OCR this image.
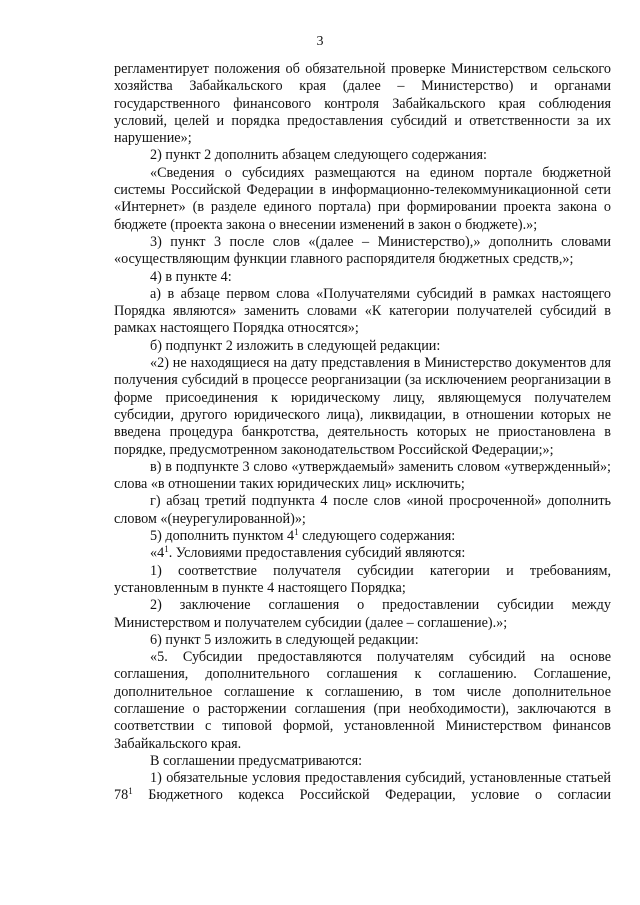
3

регламентирует положения об обязательной проверке Министерством сельского хозяйства Забайкальского края (далее – Министерство) и органами государственного финансового контроля Забайкальского края соблюдения условий, целей и порядка предоставления субсидий и ответственности за их нарушение»;

2) пункт 2 дополнить абзацем следующего содержания:

«Сведения о субсидиях размещаются на едином портале бюджетной системы Российской Федерации в информационно-телекоммуникационной сети «Интернет» (в разделе единого портала) при формировании проекта закона о бюджете (проекта закона о внесении изменений в закон о бюджете).»;

3) пункт 3 после слов «(далее – Министерство),» дополнить словами «осуществляющим функции главного распорядителя бюджетных средств,»;

4) в пункте 4:

а) в абзаце первом слова «Получателями субсидий в рамках настоящего Порядка являются» заменить словами «К категории получателей субсидий в рамках настоящего Порядка относятся»;

б) подпункт 2 изложить в следующей редакции:

«2) не находящиеся на дату представления в Министерство документов для получения субсидий в процессе реорганизации (за исключением реорганизации в форме присоединения к юридическому лицу, являющемуся получателем субсидии, другого юридического лица), ликвидации, в отношении которых не введена процедура банкротства, деятельность которых не приостановлена в порядке, предусмотренном законодательством Российской Федерации;»;

в) в подпункте 3 слово «утверждаемый» заменить словом «утвержденный»; слова «в отношении таких юридических лиц» исключить;

г) абзац третий подпункта 4 после слов «иной просроченной» дополнить словом «(неурегулированной)»;

5) дополнить пунктом $4^1$ следующего содержания:

«$4^1$. Условиями предоставления субсидий являются:

1) соответствие получателя субсидии категории и требованиям, установленным в пункте 4 настоящего Порядка;

2) заключение соглашения о предоставлении субсидии между Министерством и получателем субсидии (далее – соглашение).»;

6) пункт 5 изложить в следующей редакции:

«5. Субсидии предоставляются получателям субсидий на основе соглашения, дополнительного соглашения к соглашению. Соглашение, дополнительное соглашение к соглашению, в том числе дополнительное соглашение о расторжении соглашения (при необходимости), заключаются в соответствии с типовой формой, установленной Министерством финансов Забайкальского края.

В соглашении предусматриваются:

1) обязательные условия предоставления субсидий, установленные статьей $78^1$ Бюджетного кодекса Российской Федерации, условие о согласии
